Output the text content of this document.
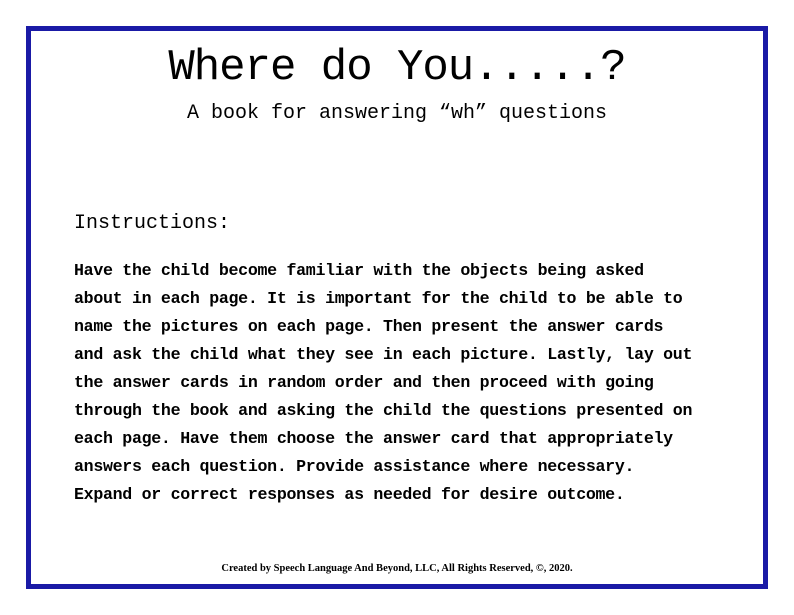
Where do You.....?
A book for answering “wh” questions
Instructions:
Have the child become familiar with the objects being asked
about in each page. It is important for the child to be able to
name the pictures on each page. Then present the answer cards
and ask the child what they see in each picture. Lastly, lay out
the answer cards in random order and then proceed with going
through the book and asking the child the questions presented on
each page. Have them choose the answer card that appropriately
answers each question. Provide assistance where necessary.
Expand or correct responses as needed for desire outcome.
Created by Speech Language And Beyond, LLC, All Rights Reserved, ©, 2020.
